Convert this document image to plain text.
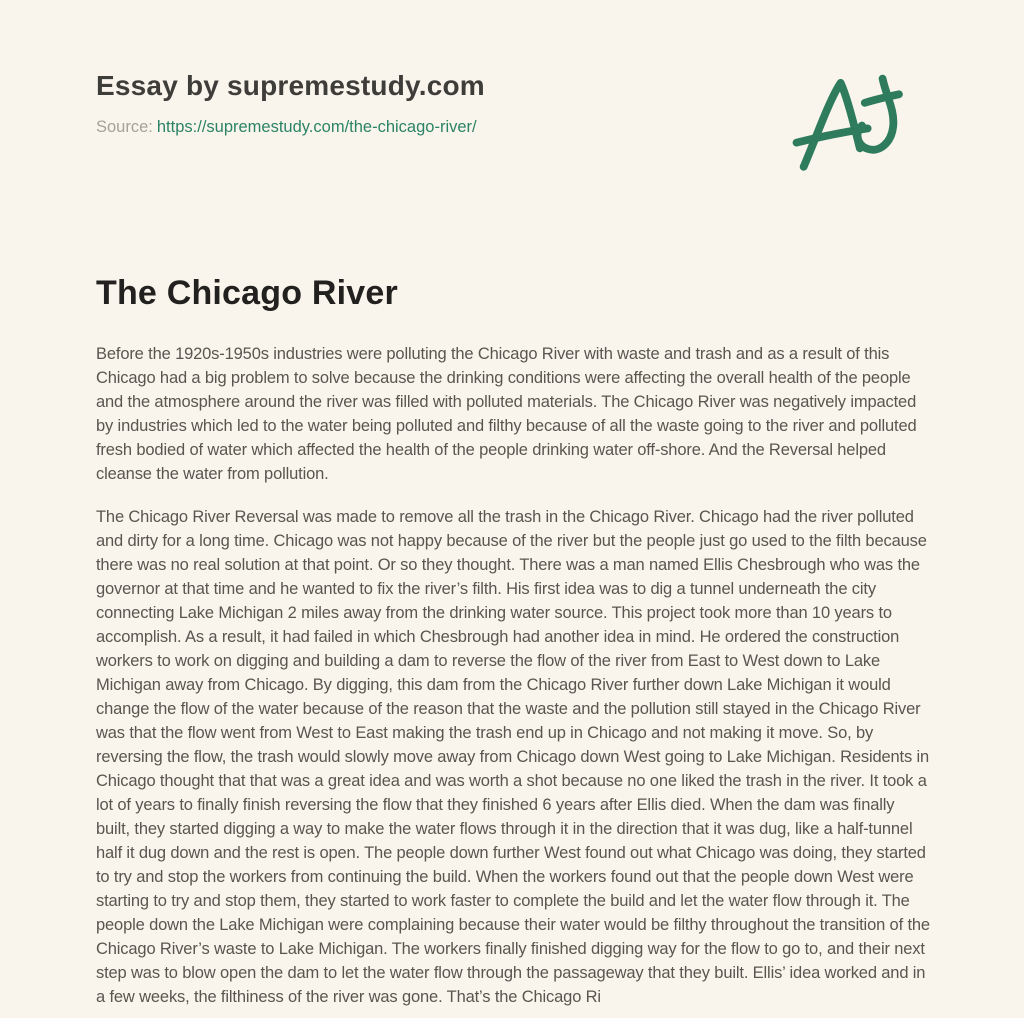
Essay by supremestudy.com

Source: https://supremestudy.com/the-chicago-river/

The Chicago River

Before the 1920s-1950s industries were polluting the Chicago River with waste and trash and as a result of this Chicago had a big problem to solve because the drinking conditions were affecting the overall health of the people and the atmosphere around the river was filled with polluted materials. The Chicago River was negatively impacted by industries which led to the water being polluted and filthy because of all the waste going to the river and polluted fresh bodied of water which affected the health of the people drinking water off-shore. And the Reversal helped cleanse the water from pollution.

The Chicago River Reversal was made to remove all the trash in the Chicago River. Chicago had the river polluted and dirty for a long time. Chicago was not happy because of the river but the people just go used to the filth because there was no real solution at that point. Or so they thought. There was a man named Ellis Chesbrough who was the governor at that time and he wanted to fix the river’s filth. His first idea was to dig a tunnel underneath the city connecting Lake Michigan 2 miles away from the drinking water source. This project took more than 10 years to accomplish. As a result, it had failed in which Chesbrough had another idea in mind. He ordered the construction workers to work on digging and building a dam to reverse the flow of the river from East to West down to Lake Michigan away from Chicago. By digging, this dam from the Chicago River further down Lake Michigan it would change the flow of the water because of the reason that the waste and the pollution still stayed in the Chicago River was that the flow went from West to East making the trash end up in Chicago and not making it move. So, by reversing the flow, the trash would slowly move away from Chicago down West going to Lake Michigan. Residents in Chicago thought that that was a great idea and was worth a shot because no one liked the trash in the river. It took a lot of years to finally finish reversing the flow that they finished 6 years after Ellis died. When the dam was finally built, they started digging a way to make the water flows through it in the direction that it was dug, like a half-tunnel half it dug down and the rest is open. The people down further West found out what Chicago was doing, they started to try and stop the workers from continuing the build. When the workers found out that the people down West were starting to try and stop them, they started to work faster to complete the build and let the water flow through it. The people down the Lake Michigan were complaining because their water would be filthy throughout the transition of the Chicago River’s waste to Lake Michigan. The workers finally finished digging way for the flow to go to, and their next step was to blow open the dam to let the water flow through the passageway that they built. Ellis’ idea worked and in a few weeks, the filthiness of the river was gone. That’s the Chicago Ri
